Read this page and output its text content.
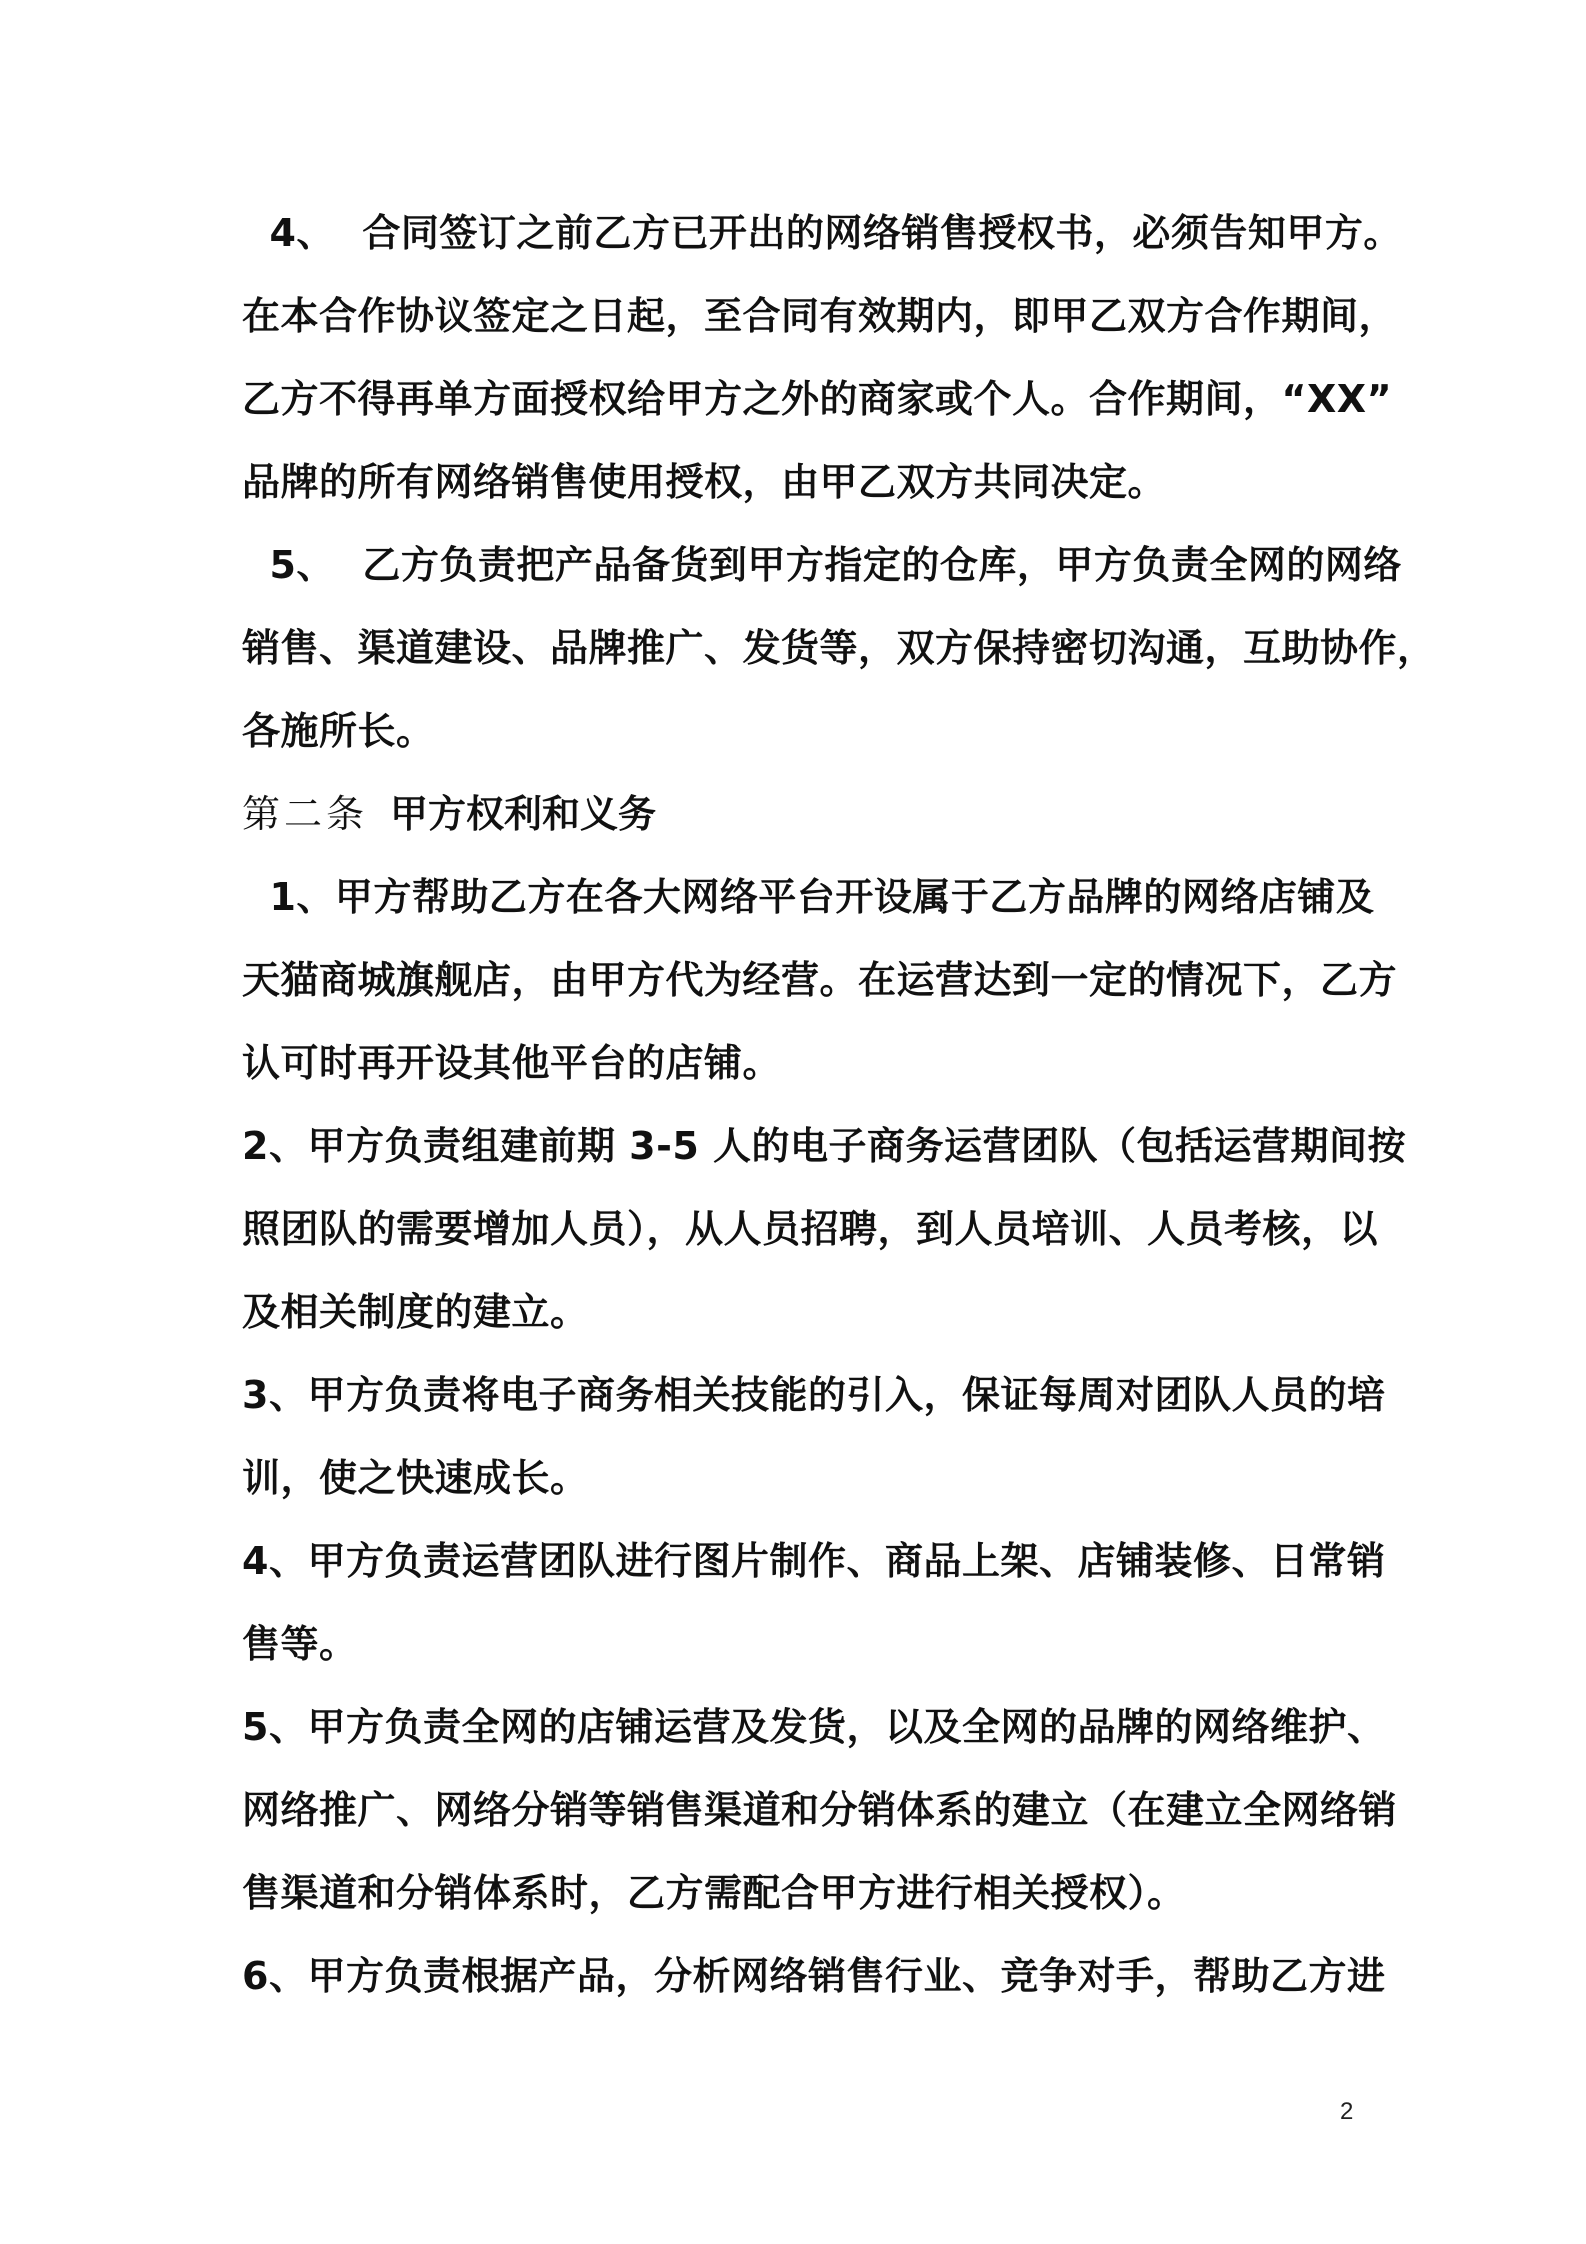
4、  合同签订之前乙方已开出的网络销售授权书，必须告知甲方。
在本合作协议签定之日起，至合同有效期内，即甲乙双方合作期间，
乙方不得再单方面授权给甲方之外的商家或个人。合作期间，“XX”
品牌的所有网络销售使用授权，由甲乙双方共同决定。
5、  乙方负责把产品备货到甲方指定的仓库，甲方负责全网的网络
销售、渠道建设、品牌推广、发货等，双方保持密切沟通，互助协作，
各施所长。
第二条 甲方权利和义务
1、甲方帮助乙方在各大网络平台开设属于乙方品牌的网络店铺及
天猫商城旗舰店，由甲方代为经营。在运营达到一定的情况下，乙方
认可时再开设其他平台的店铺。
2、甲方负责组建前期 3-5 人的电子商务运营团队（包括运营期间按
照团队的需要增加人员），从人员招聘，到人员培训、人员考核，以
及相关制度的建立。
3、甲方负责将电子商务相关技能的引入，保证每周对团队人员的培
训，使之快速成长。
4、甲方负责运营团队进行图片制作、商品上架、店铺装修、日常销
售等。
5、甲方负责全网的店铺运营及发货，以及全网的品牌的网络维护、
网络推广、网络分销等销售渠道和分销体系的建立（在建立全网络销
售渠道和分销体系时，乙方需配合甲方进行相关授权）。
6、甲方负责根据产品，分析网络销售行业、竞争对手，帮助乙方进
2
